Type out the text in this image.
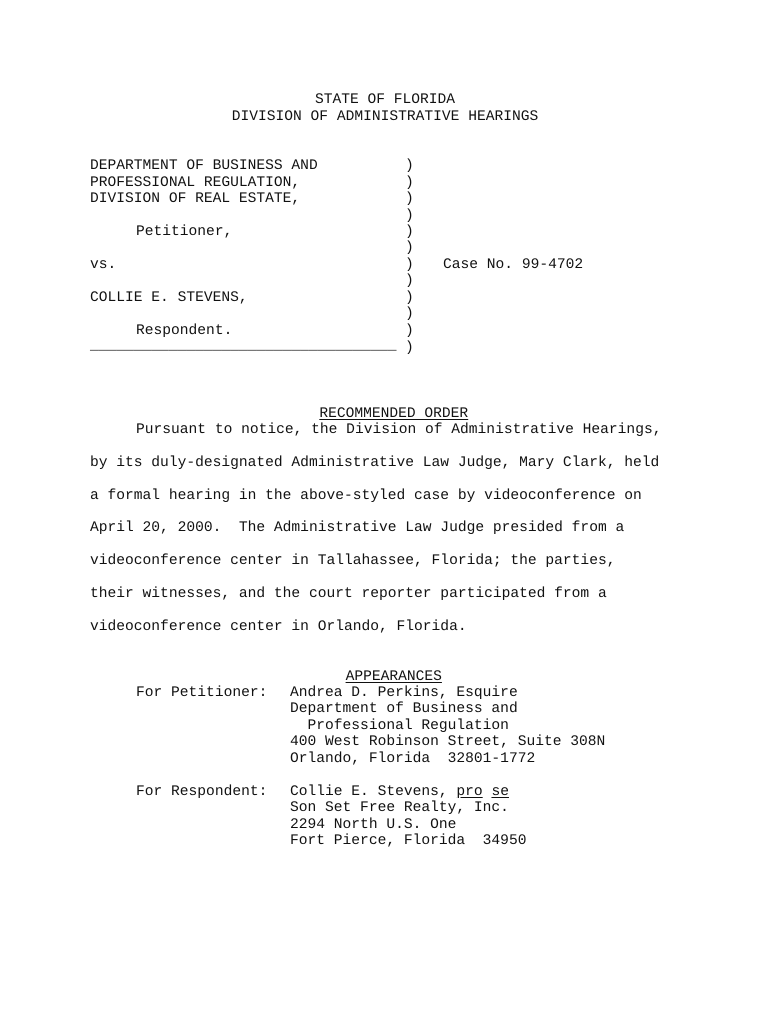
STATE OF FLORIDA
DIVISION OF ADMINISTRATIVE HEARINGS
DEPARTMENT OF BUSINESS AND
PROFESSIONAL REGULATION,
DIVISION OF REAL ESTATE,
Petitioner,
vs.
COLLIE E. STEVENS,
Respondent.
___________________________________
)
)
)
)
)
)
)
)
)
)
)
)
Case No. 99-4702

RECOMMENDED ORDER

Pursuant to notice, the Division of Administrative Hearings,
by its duly-designated Administrative Law Judge, Mary Clark, held
a formal hearing in the above-styled case by videoconference on
April 20, 2000.  The Administrative Law Judge presided from a
videoconference center in Tallahassee, Florida; the parties,
their witnesses, and the court reporter participated from a
videoconference center in Orlando, Florida.

APPEARANCES

For Petitioner: Andrea D. Perkins, Esquire
Department of Business and
Professional Regulation
400 West Robinson Street, Suite 308N
Orlando, Florida  32801-1772
For Respondent: Collie E. Stevens, pro se
Son Set Free Realty, Inc.
2294 North U.S. One
Fort Pierce, Florida  34950
